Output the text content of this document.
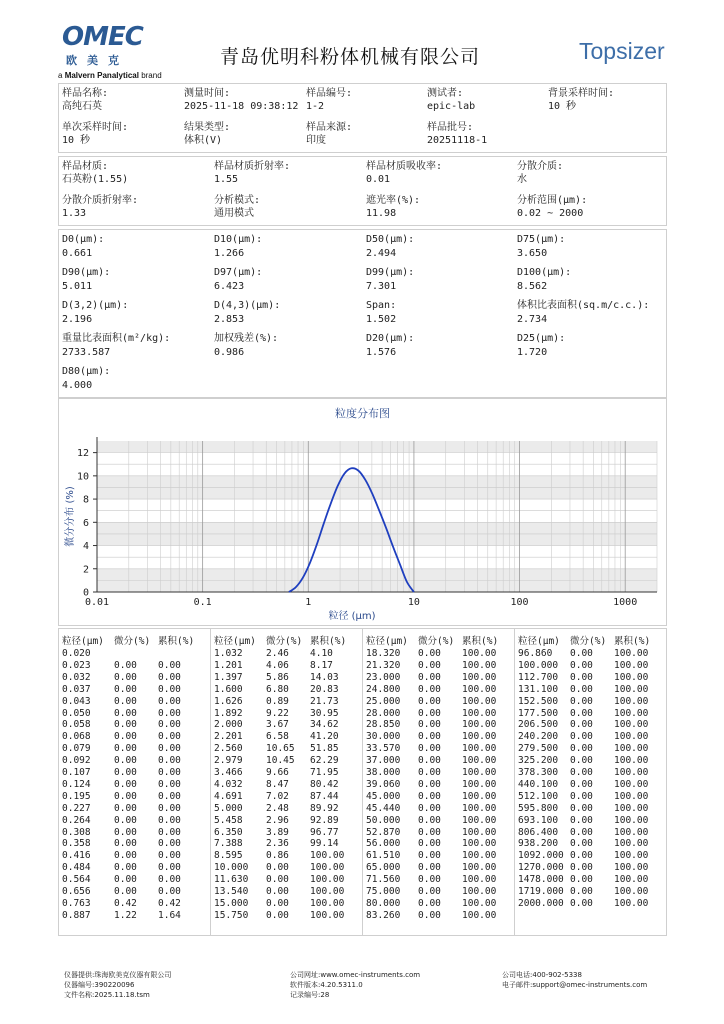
OMEC
欧美克
a Malvern Panalytical brand
青岛优明科粉体机械有限公司	Topsizer
样品名称:
高纯石英
测量时间:
2025-11-18 09:38:12
样品编号:
1-2
测试者:
epic-lab
背景采样时间:
10 秒
单次采样时间:
10 秒
结果类型:
体积(V)
样品来源:
印度
样品批号:
20251118-1
样品材质:
石英粉(1.55)
样品材质折射率:
1.55
样品材质吸收率:
0.01
分散介质:
水
分散介质折射率:
1.33
分析模式:
通用模式
遮光率(%):
11.98
分析范围(μm):
0.02 ~ 2000
D0(μm):
0.661
D10(μm):
1.266
D50(μm):
2.494
D75(μm):
3.650
D90(μm):
5.011
D97(μm):
6.423
D99(μm):
7.301
D100(μm):
8.562
D(3,2)(μm):
2.196
D(4,3)(μm):
2.853
Span:
1.502
体积比表面积(sq.m/c.c.):
2.734
重量比表面积(m²/kg):
2733.587
加权残差(%):
0.986
D20(μm):
1.576
D25(μm):
1.720
D80(μm):
4.000
粒度分布图
0
2
4
6
8
10
12
0.01	0.1	1	10	100	1000
粒径 (μm)
微分分布 (%)
粒径(μm) 微分(%) 累积(%)
0.020
0.023 0.00 0.00
0.032 0.00 0.00
0.037 0.00 0.00
0.043 0.00 0.00
0.050 0.00 0.00
0.058 0.00 0.00
0.068 0.00 0.00
0.079 0.00 0.00
0.092 0.00 0.00
0.107 0.00 0.00
0.124 0.00 0.00
0.195 0.00 0.00
0.227 0.00 0.00
0.264 0.00 0.00
0.308 0.00 0.00
0.358 0.00 0.00
0.416 0.00 0.00
0.484 0.00 0.00
0.564 0.00 0.00
0.656 0.00 0.00
0.763 0.42 0.42
0.887 1.22 1.64
粒径(μm) 微分(%) 累积(%)
1.032 2.46 4.10
1.201 4.06 8.17
1.397 5.86 14.03
1.600 6.80 20.83
1.626 0.89 21.73
1.892 9.22 30.95
2.000 3.67 34.62
2.201 6.58 41.20
2.560 10.65 51.85
2.979 10.45 62.29
3.466 9.66 71.95
4.032 8.47 80.42
4.691 7.02 87.44
5.000 2.48 89.92
5.458 2.96 92.89
6.350 3.89 96.77
7.388 2.36 99.14
8.595 0.86 100.00
10.000 0.00 100.00
11.630 0.00 100.00
13.540 0.00 100.00
15.000 0.00 100.00
15.750 0.00 100.00
粒径(μm) 微分(%) 累积(%)
18.320 0.00 100.00
21.320 0.00 100.00
23.000 0.00 100.00
24.800 0.00 100.00
25.000 0.00 100.00
28.000 0.00 100.00
28.850 0.00 100.00
30.000 0.00 100.00
33.570 0.00 100.00
37.000 0.00 100.00
38.000 0.00 100.00
39.060 0.00 100.00
45.000 0.00 100.00
45.440 0.00 100.00
50.000 0.00 100.00
52.870 0.00 100.00
56.000 0.00 100.00
61.510 0.00 100.00
65.000 0.00 100.00
71.560 0.00 100.00
75.000 0.00 100.00
80.000 0.00 100.00
83.260 0.00 100.00
粒径(μm) 微分(%) 累积(%)
96.860 0.00 100.00
100.000 0.00 100.00
112.700 0.00 100.00
131.100 0.00 100.00
152.500 0.00 100.00
177.500 0.00 100.00
206.500 0.00 100.00
240.200 0.00 100.00
279.500 0.00 100.00
325.200 0.00 100.00
378.300 0.00 100.00
440.100 0.00 100.00
512.100 0.00 100.00
595.800 0.00 100.00
693.100 0.00 100.00
806.400 0.00 100.00
938.200 0.00 100.00
1092.000 0.00 100.00
1270.000 0.00 100.00
1478.000 0.00 100.00
1719.000 0.00 100.00
2000.000 0.00 100.00
仪器提供:珠海欧美克仪器有限公司
仪器编号:390220096
文件名称:2025.11.18.tsm
公司网址:www.omec-instruments.com
软件版本:4.20.5311.0
记录编号:28
公司电话:400-902-5338
电子邮件:support@omec-instruments.com
